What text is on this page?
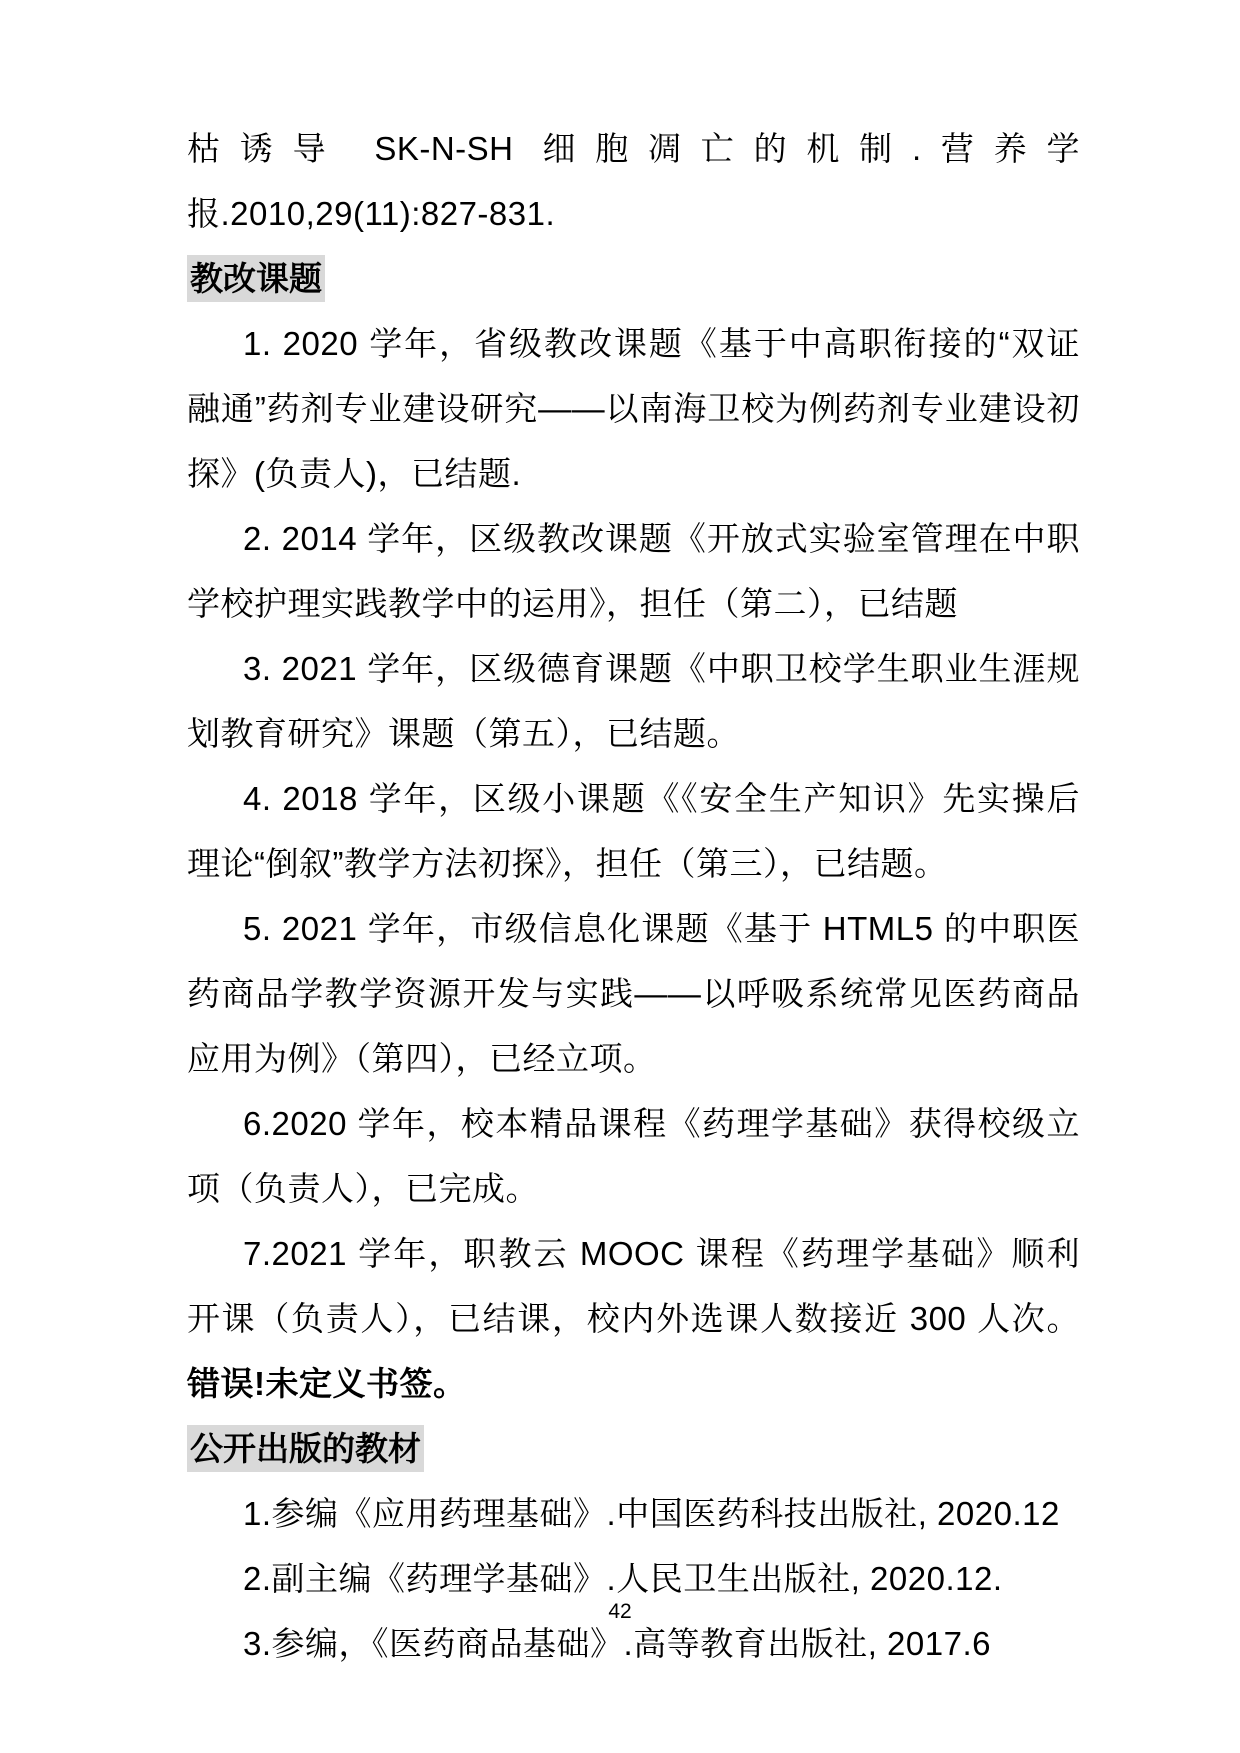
枯诱导 SK-N-SH 细胞凋亡的机制.营养学报.2010,29(11):827-831.

教改课题

1. 2020 学年，省级教改课题《基于中高职衔接的“双证融通”药剂专业建设研究——以南海卫校为例药剂专业建设初探》(负责人)，已结题.

2. 2014 学年，区级教改课题《开放式实验室管理在中职学校护理实践教学中的运用》，担任（第二），已结题

3. 2021 学年，区级德育课题《中职卫校学生职业生涯规划教育研究》课题（第五），已结题。

4. 2018 学年，区级小课题《《安全生产知识》先实操后理论“倒叙”教学方法初探》，担任（第三），已结题。

5. 2021 学年，市级信息化课题《基于 HTML5 的中职医药商品学教学资源开发与实践——以呼吸系统常见医药商品应用为例》（第四），已经立项。

6.2020 学年，校本精品课程《药理学基础》获得校级立项（负责人），已完成。

7.2021 学年，职教云 MOOC 课程《药理学基础》顺利开课（负责人），已结课，校内外选课人数接近 300 人次。错误!未定义书签。

公开出版的教材

1.参编《应用药理基础》.中国医药科技出版社, 2020.12

2.副主编《药理学基础》.人民卫生出版社, 2020.12.

3.参编，《医药商品基础》.高等教育出版社, 2017.6

42
